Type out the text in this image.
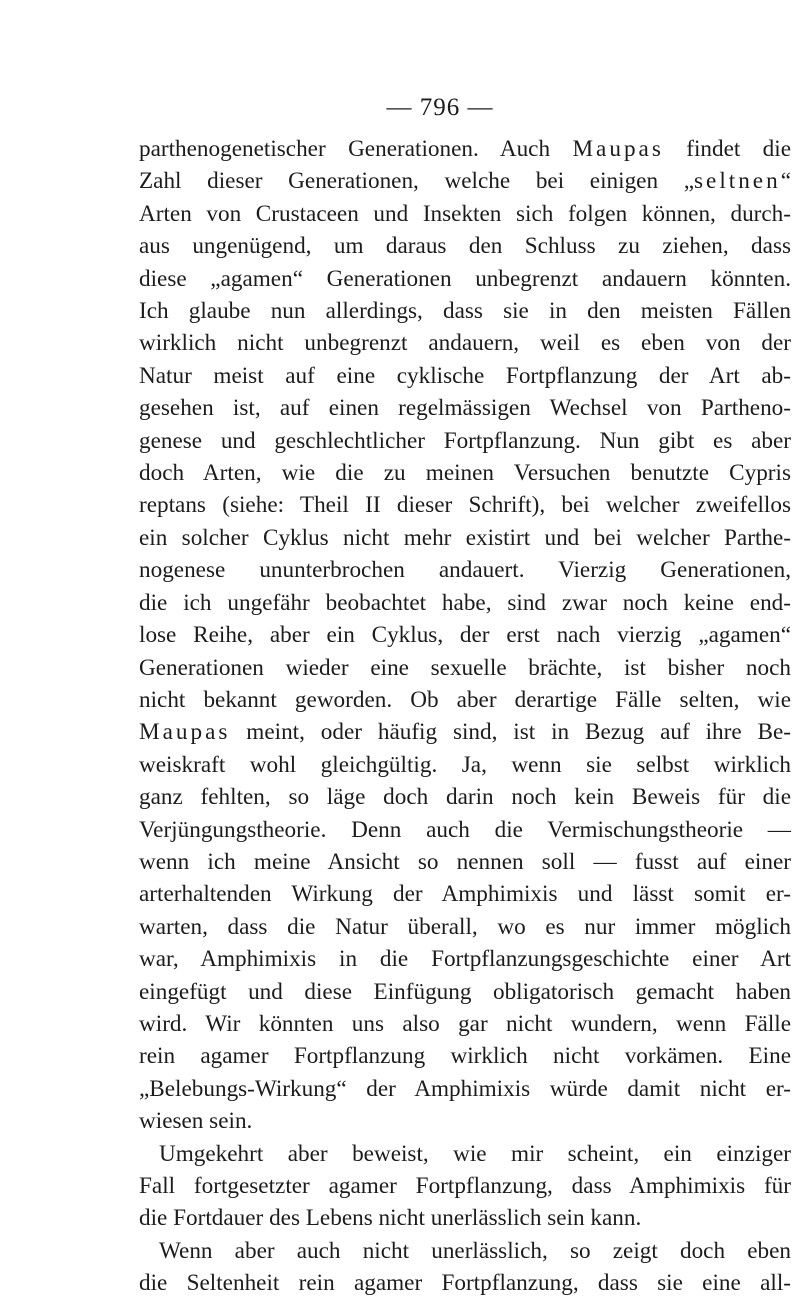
— 796 —
parthenogenetischer Generationen. Auch Maupas findet die
Zahl dieser Generationen, welche bei einigen „seltnen“
Arten von Crustaceen und Insekten sich folgen können, durch-
aus ungenügend, um daraus den Schluss zu ziehen, dass
diese „agamen“ Generationen unbegrenzt andauern könnten.
Ich glaube nun allerdings, dass sie in den meisten Fällen
wirklich nicht unbegrenzt andauern, weil es eben von der
Natur meist auf eine cyklische Fortpflanzung der Art ab-
gesehen ist, auf einen regelmässigen Wechsel von Partheno-
genese und geschlechtlicher Fortpflanzung. Nun gibt es aber
doch Arten, wie die zu meinen Versuchen benutzte Cypris
reptans (siehe: Theil II dieser Schrift), bei welcher zweifellos
ein solcher Cyklus nicht mehr existirt und bei welcher Parthe-
nogenese ununterbrochen andauert. Vierzig Generationen,
die ich ungefähr beobachtet habe, sind zwar noch keine end-
lose Reihe, aber ein Cyklus, der erst nach vierzig „agamen“
Generationen wieder eine sexuelle brächte, ist bisher noch
nicht bekannt geworden. Ob aber derartige Fälle selten, wie
Maupas meint, oder häufig sind, ist in Bezug auf ihre Be-
weiskraft wohl gleichgültig. Ja, wenn sie selbst wirklich
ganz fehlten, so läge doch darin noch kein Beweis für die
Verjüngungstheorie. Denn auch die Vermischungstheorie —
wenn ich meine Ansicht so nennen soll — fusst auf einer
arterhaltenden Wirkung der Amphimixis und lässt somit er-
warten, dass die Natur überall, wo es nur immer möglich
war, Amphimixis in die Fortpflanzungsgeschichte einer Art
eingefügt und diese Einfügung obligatorisch gemacht haben
wird. Wir könnten uns also gar nicht wundern, wenn Fälle
rein agamer Fortpflanzung wirklich nicht vorkämen. Eine
„Belebungs-Wirkung“ der Amphimixis würde damit nicht er-
wiesen sein.
Umgekehrt aber beweist, wie mir scheint, ein einziger
Fall fortgesetzter agamer Fortpflanzung, dass Amphimixis für
die Fortdauer des Lebens nicht unerlässlich sein kann.
Wenn aber auch nicht unerlässlich, so zeigt doch eben
die Seltenheit rein agamer Fortpflanzung, dass sie eine all-
